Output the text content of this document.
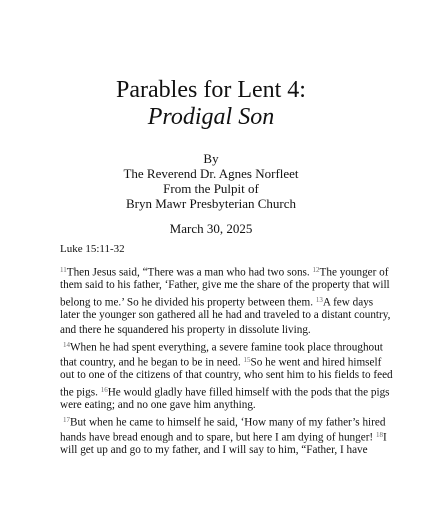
Parables for Lent 4:
Prodigal Son
By
The Reverend Dr. Agnes Norfleet
From the Pulpit of
Bryn Mawr Presbyterian Church
March 30, 2025
Luke 15:11-32
$^{11}$Then Jesus said, “There was a man who had two sons. $^{12}$The younger of
them said to his father, ‘Father, give me the share of the property that will
belong to me.’ So he divided his property between them. $^{13}$A few days
later the younger son gathered all he had and traveled to a distant country,
and there he squandered his property in dissolute living.
$^{14}$When he had spent everything, a severe famine took place throughout
that country, and he began to be in need. $^{15}$So he went and hired himself
out to one of the citizens of that country, who sent him to his fields to feed
the pigs. $^{16}$He would gladly have filled himself with the pods that the pigs
were eating; and no one gave him anything.
$^{17}$But when he came to himself he said, ‘How many of my father’s hired
hands have bread enough and to spare, but here I am dying of hunger! $^{18}$I
will get up and go to my father, and I will say to him, “Father, I have
